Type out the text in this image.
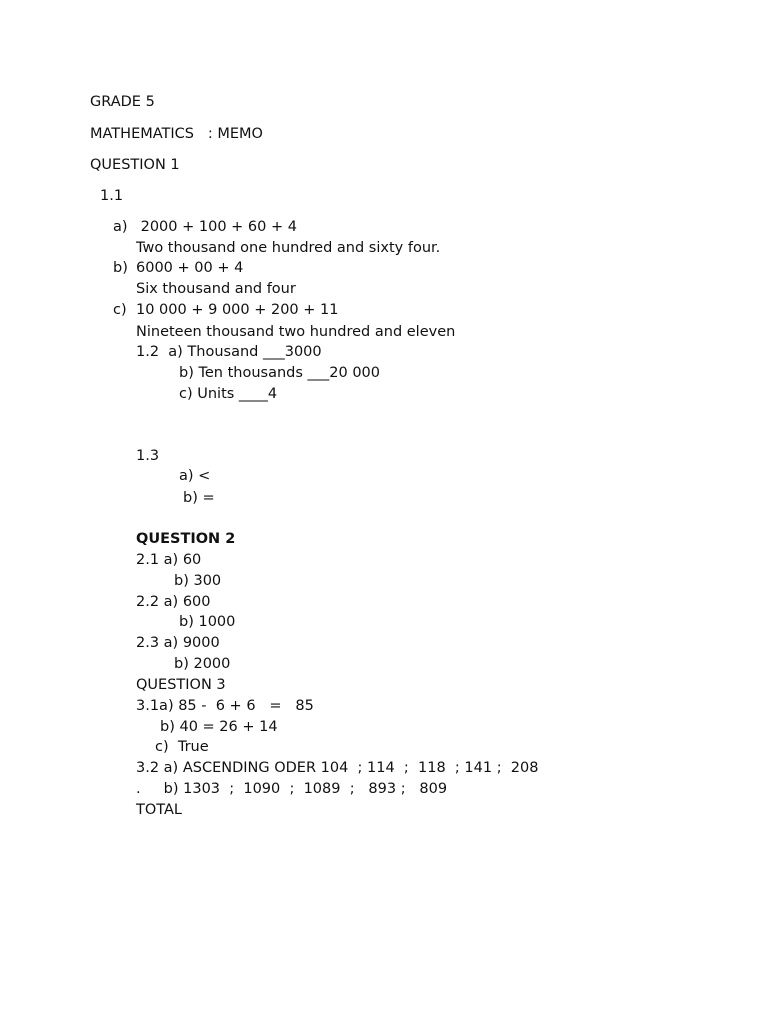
GRADE 5
MATHEMATICS   : MEMO
QUESTION 1
1.1
a) 2000 + 100 + 60 + 4
Two thousand one hundred and sixty four.
b) 6000 + 00 + 4
Six thousand and four
c) 10 000 + 9 000 + 200 + 11
Nineteen thousand two hundred and eleven
1.2  a) Thousand ___3000
b) Ten thousands ___20 000
c) Units ____4
1.3
a) <
b) =
QUESTION 2
2.1 a) 60
b) 300
2.2 a) 600
b) 1000
2.3 a) 9000
b) 2000
QUESTION 3
3.1a) 85 -  6 + 6   =   85
b) 40 = 26 + 14
c)  True
3.2 a) ASCENDING ODER 104  ; 114  ;  118  ; 141 ;  208
.     b) 1303  ;  1090  ;  1089  ;   893 ;   809
TOTAL
